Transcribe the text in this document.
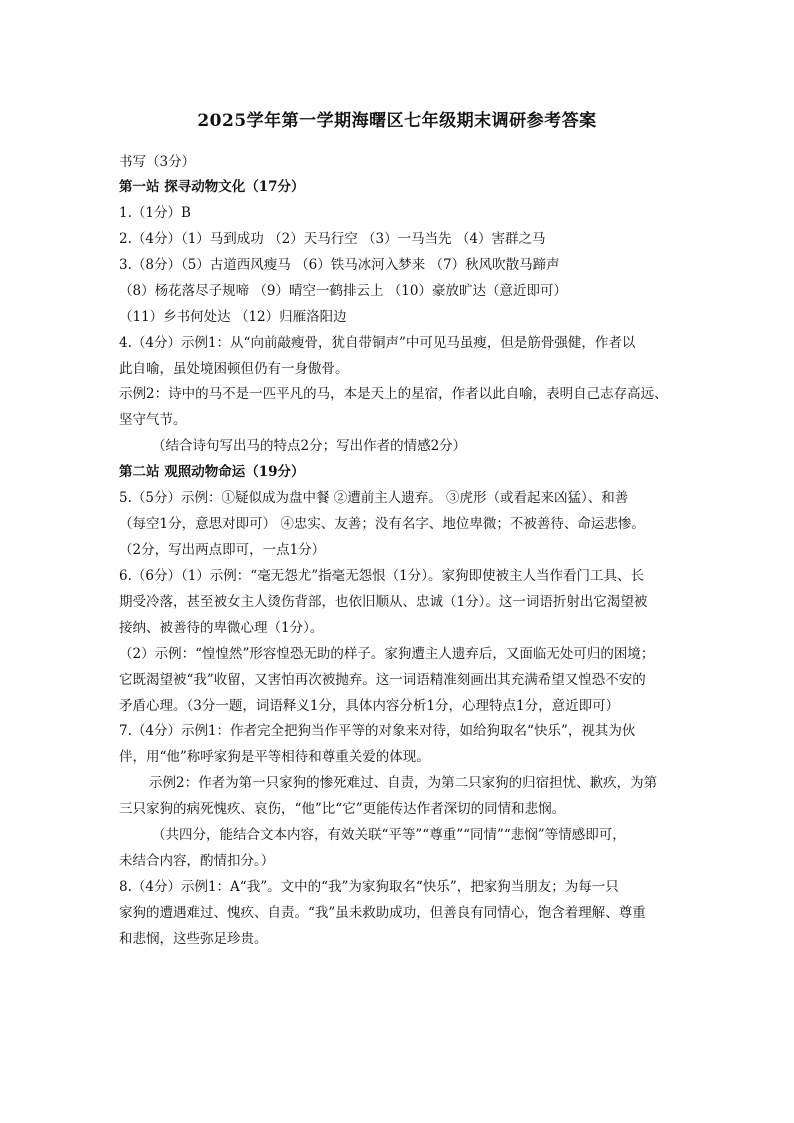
2025学年第一学期海曙区七年级期末调研参考答案
书写（3分）
第一站 探寻动物文化（17分）
1.（1分）B
2.（4分）（1）马到成功 （2）天马行空 （3）一马当先 （4）害群之马
3.（8分）（5）古道西风瘦马 （6）铁马冰河入梦来 （7）秋风吹散马蹄声
（8）杨花落尽子规啼 （9）晴空一鹤排云上 （10）豪放旷达（意近即可）
（11）乡书何处达 （12）归雁洛阳边
4.（4分）示例1：从“向前敲瘦骨，犹自带铜声”中可见马虽瘦，但是筋骨强健，作者以
此自喻，虽处境困顿但仍有一身傲骨。
示例2：诗中的马不是一匹平凡的马，本是天上的星宿，作者以此自喻，表明自己志存高远、
坚守气节。
（结合诗句写出马的特点2分；写出作者的情感2分）
第二站 观照动物命运（19分）
5.（5分）示例：①疑似成为盘中餐 ②遭前主人遗弃。 ③虎形（或看起来凶猛）、和善
（每空1分，意思对即可） ④忠实、友善；没有名字、地位卑微；不被善待、命运悲惨。
（2分，写出两点即可，一点1分）
6.（6分）（1）示例：“毫无怨尤”指毫无怨恨（1分）。家狗即使被主人当作看门工具、长
期受冷落，甚至被女主人烫伤背部，也依旧顺从、忠诚（1分）。这一词语折射出它渴望被
接纳、被善待的卑微心理（1分）。
（2）示例：“惶惶然”形容惶恐无助的样子。家狗遭主人遗弃后，又面临无处可归的困境；
它既渴望被“我”收留，又害怕再次被抛弃。这一词语精准刻画出其充满希望又惶恐不安的
矛盾心理。（3分一题，词语释义1分，具体内容分析1分，心理特点1分，意近即可）
7.（4分）示例1：作者完全把狗当作平等的对象来对待，如给狗取名“快乐”，视其为伙
伴，用“他”称呼家狗是平等相待和尊重关爱的体现。
示例2：作者为第一只家狗的惨死难过、自责，为第二只家狗的归宿担忧、歉疚，为第
三只家狗的病死愧疚、哀伤，“他”比“它”更能传达作者深切的同情和悲悯。
（共四分，能结合文本内容，有效关联“平等”“尊重”“同情”“悲悯”等情感即可，
未结合内容，酌情扣分。）
8.（4分）示例1：A“我”。文中的“我”为家狗取名“快乐”，把家狗当朋友；为每一只
家狗的遭遇难过、愧疚、自责。“我”虽未救助成功，但善良有同情心，饱含着理解、尊重
和悲悯，这些弥足珍贵。
